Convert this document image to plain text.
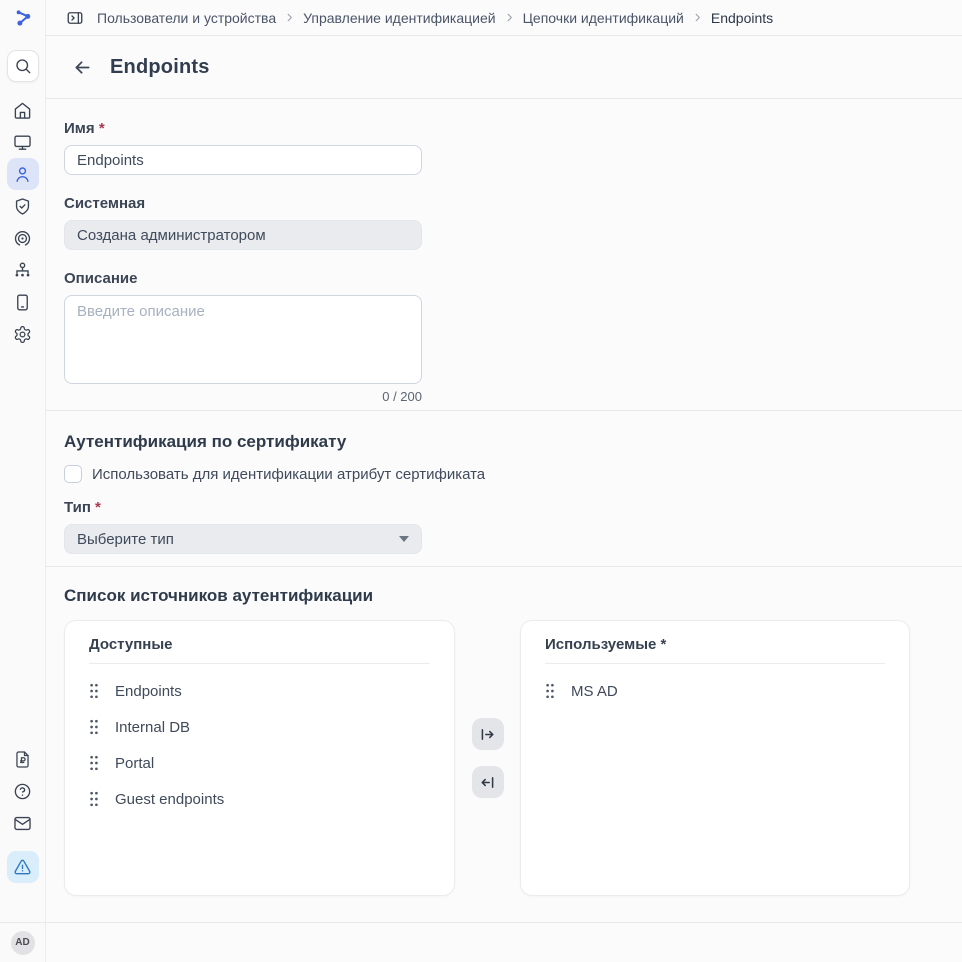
Пользователи и устройства Управление идентификацией Цепочки идентификаций Endpoints
Endpoints
Имя *
Endpoints
Системная
Создана администратором
Описание
Введите описание
0 / 200
Аутентификация по сертификату
Использовать для идентификации атрибут сертификата
Тип *
Выберите тип
Список источников аутентификации
Доступные
Endpoints
Internal DB
Portal
Guest endpoints
Используемые *
MS AD
AD
